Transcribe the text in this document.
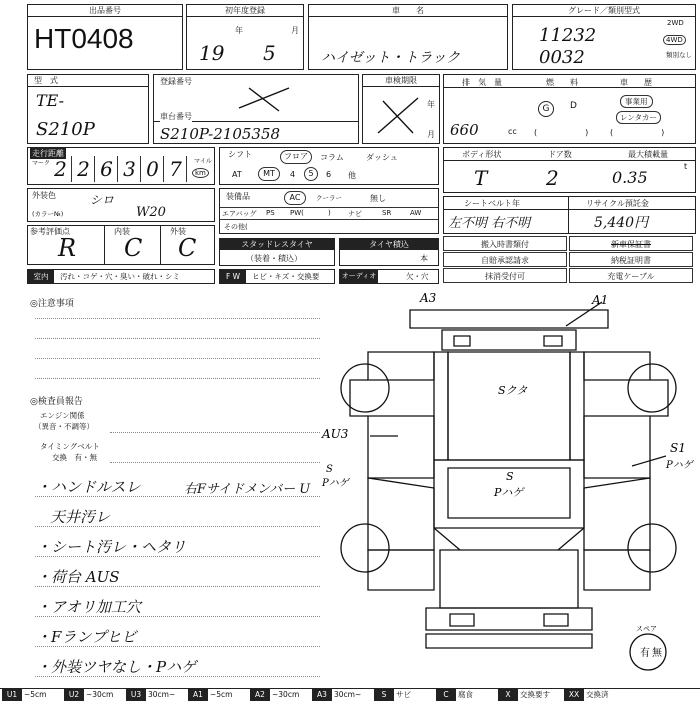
出品番号
HT0408
初年度登録
年	月
19 5
車　　名
ハイゼット・トラック
グレード／類別型式
11232
0032
2WD
4WD
類別なし
型　式
TE-
S210P
登録番号
車台番号
S210P-2105358
車検期限
年
月
排　気　量	燃　　料	車　　歴
660	cc
G	D
(　　　　　　)
事業用
レンタカー
(　　　　　　)
走行距離
マーク 2 2 6 3 0 7	マイル
km
シフト	フロア	コラム	ダッシュ
AT	MT	4	5	6 他
ボディ形状	ドア数	最大積載量
T	2	0.35
t
外装色
(カラー№)
シロ
W20
装備品	AC	クーラー	無し
エアバッグ PS PW(	) ナビ	SR	AW
その他(
シートベルト年	リサイクル預託金
左不明 右不明	5,440円
参考評価点	内装	外装
R C C	スタッドレスタイヤ
（装着・積込）
タイヤ積込
本
搬入時書類付	新車保証書
自賠承認請求	納税証明書
抹消受付可	充電ケーブル
室内	汚れ・コゲ・穴・臭い・破れ・シミ	F W	ヒビ・キズ・交換要	オーディオ	欠・穴
◎注意事項
◎検査員報告
エンジン関係
（異音・不調等）
タイミングベルト
交換　有・無
・ハンドルスレ	右Fサイドメンバー U
天井汚レ
・シート汚レ・ヘタリ
・荷台 AUS
・アオリ加工穴
・Fランプヒビ
・外装ツヤなし・Pハゲ
A3	A1
Sクタ
AU3
S
Pハゲ
S
Pハゲ
S1
Pハゲ
スペア
有 無
U1 ~5cm	U2 ~30cm	U3 30cm~	A1 ~5cm	A2 ~30cm	A3 30cm~	S	サビ	C	腐食	X	交換要す	XX 交換済
